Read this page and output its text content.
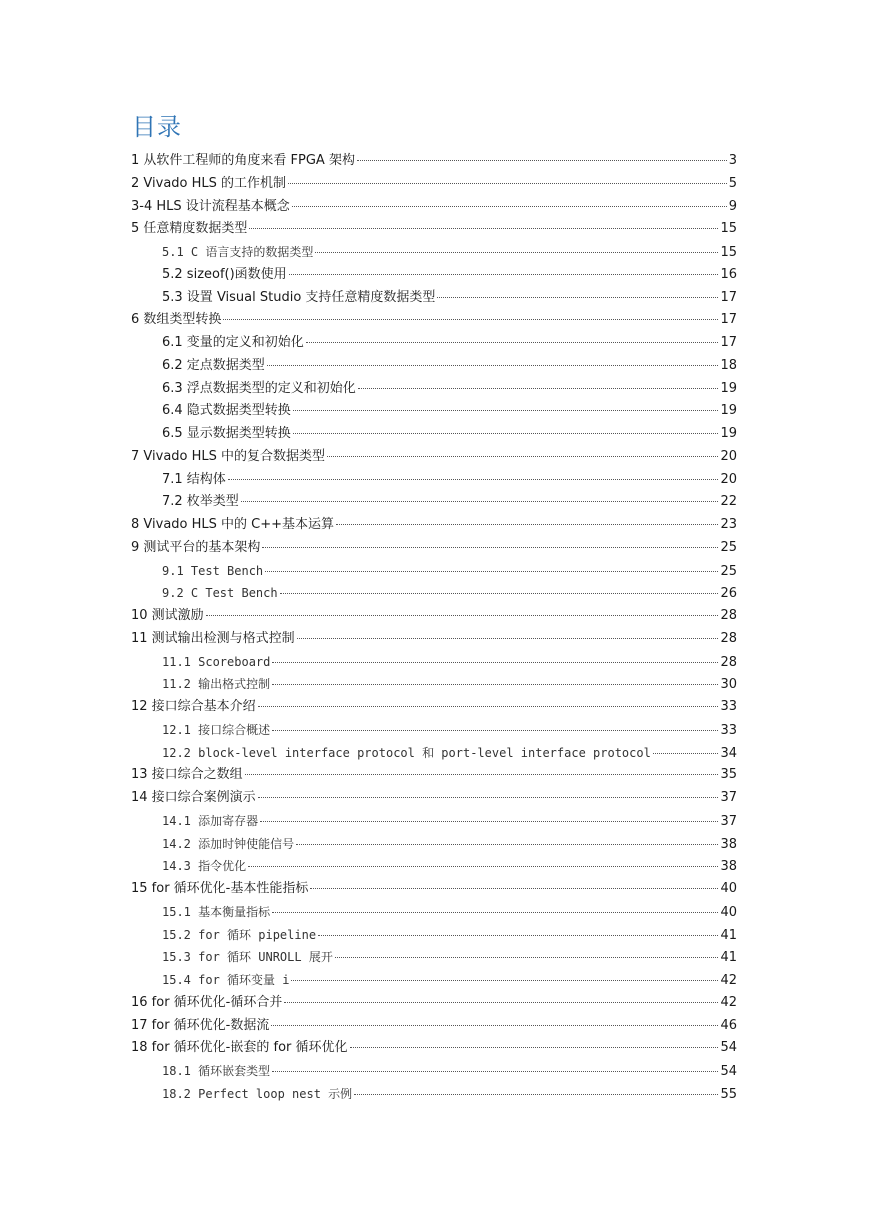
目录
1 从软件工程师的角度来看 FPGA 架构	3
2 Vivado HLS 的工作机制	5
3-4 HLS 设计流程基本概念	9
5 任意精度数据类型	15
5.1 C 语言支持的数据类型	15
5.2 sizeof()函数使用	16
5.3 设置 Visual Studio 支持任意精度数据类型	17
6 数组类型转换	17
6.1 变量的定义和初始化	17
6.2 定点数据类型	18
6.3 浮点数据类型的定义和初始化	19
6.4 隐式数据类型转换	19
6.5 显示数据类型转换	19
7 Vivado HLS 中的复合数据类型	20
7.1 结构体	20
7.2 枚举类型	22
8 Vivado HLS 中的 C++基本运算	23
9 测试平台的基本架构	25
9.1 Test Bench	25
9.2 C Test Bench	26
10 测试激励	28
11 测试输出检测与格式控制	28
11.1 Scoreboard	28
11.2 输出格式控制	30
12 接口综合基本介绍	33
12.1 接口综合概述	33
12.2 block-level interface protocol 和 port-level interface protocol	34
13 接口综合之数组	35
14 接口综合案例演示	37
14.1 添加寄存器	37
14.2 添加时钟使能信号	38
14.3 指令优化	38
15 for 循环优化-基本性能指标	40
15.1 基本衡量指标	40
15.2 for 循环 pipeline	41
15.3 for 循环 UNROLL 展开	41
15.4 for 循环变量 i	42
16 for 循环优化-循环合并	42
17 for 循环优化-数据流	46
18 for 循环优化-嵌套的 for 循环优化	54
18.1 循环嵌套类型	54
18.2 Perfect loop nest 示例	55
